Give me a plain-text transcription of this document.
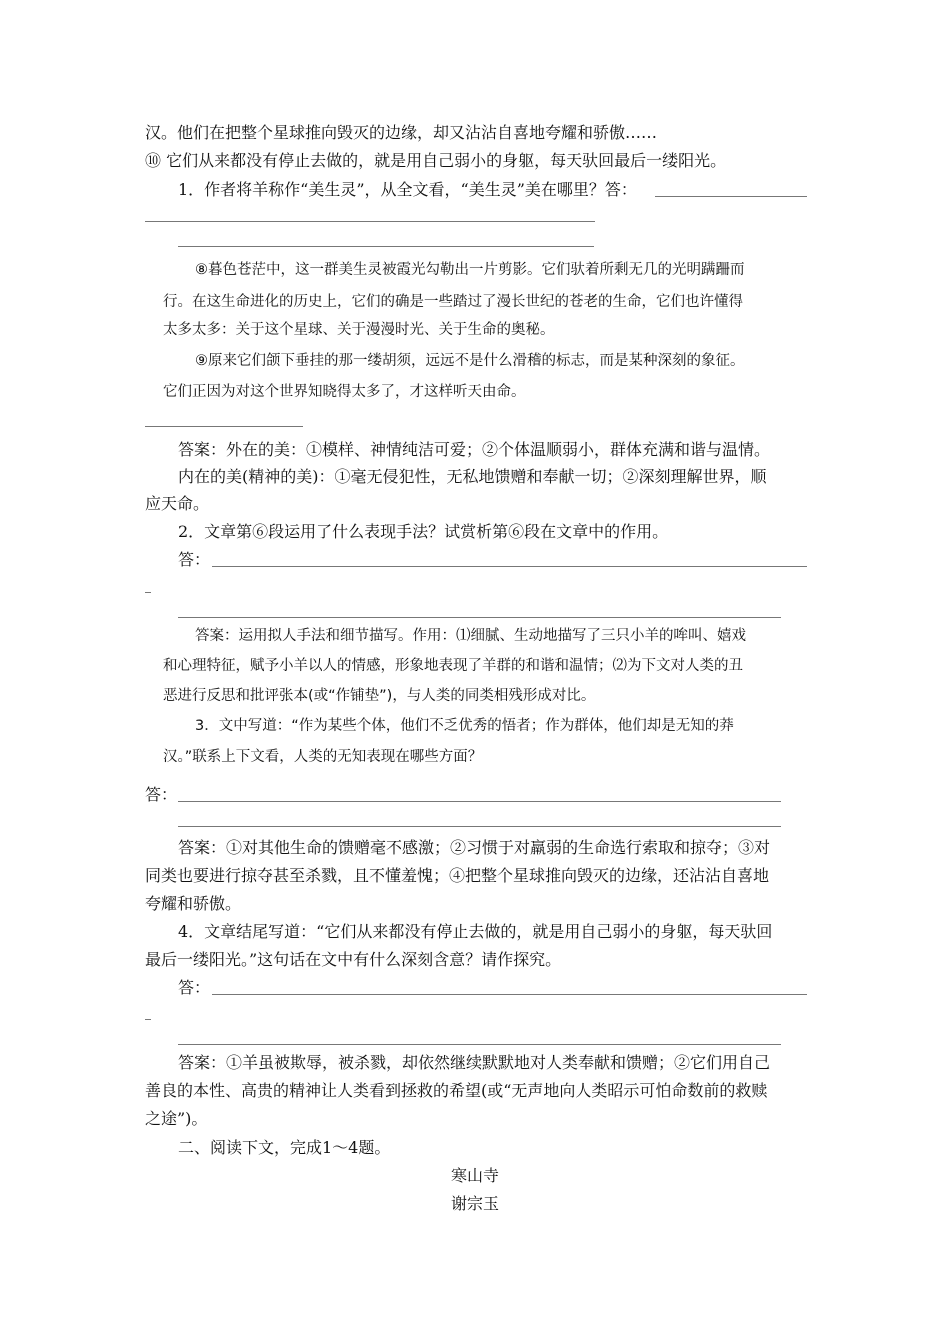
汉。他们在把整个星球推向毁灭的边缘，却又沾沾自喜地夸耀和骄傲……
⑩ 它们从来都没有停止去做的，就是用自己弱小的身躯，每天驮回最后一缕阳光。
1．作者将羊称作“美生灵”，从全文看，“美生灵”美在哪里？答：
⑧暮色苍茫中，这一群美生灵被霞光勾勒出一片剪影。它们驮着所剩无几的光明蹒跚而
行。在这生命进化的历史上，它们的确是一些踏过了漫长世纪的苍老的生命，它们也许懂得
太多太多：关于这个星球、关于漫漫时光、关于生命的奥秘。
⑨原来它们颌下垂挂的那一缕胡须，远远不是什么滑稽的标志，而是某种深刻的象征。
它们正因为对这个世界知晓得太多了，才这样听天由命。
答案：外在的美：①模样、神情纯洁可爱；②个体温顺弱小，群体充满和谐与温情。
内在的美(精神的美)：①毫无侵犯性，无私地馈赠和奉献一切；②深刻理解世界，顺
应天命。
2．文章第⑥段运用了什么表现手法？试赏析第⑥段在文章中的作用。
答：
答案：运用拟人手法和细节描写。作用：⑴细腻、生动地描写了三只小羊的哞叫、嬉戏
和心理特征，赋予小羊以人的情感，形象地表现了羊群的和谐和温情；⑵为下文对人类的丑
恶进行反思和批评张本(或“作铺垫”)，与人类的同类相残形成对比。
3．文中写道：“作为某些个体，他们不乏优秀的悟者；作为群体，他们却是无知的莽
汉。”联系上下文看，人类的无知表现在哪些方面？
答：
答案：①对其他生命的馈赠毫不感激；②习惯于对羸弱的生命选行索取和掠夺；③对
同类也要进行掠夺甚至杀戮，且不懂羞愧；④把整个星球推向毁灭的边缘，还沾沾自喜地
夸耀和骄傲。
4．文章结尾写道：“它们从来都没有停止去做的，就是用自己弱小的身躯，每天驮回
最后一缕阳光。”这句话在文中有什么深刻含意？请作探究。
答：
答案：①羊虽被欺辱，被杀戮，却依然继续默默地对人类奉献和馈赠；②它们用自己
善良的本性、高贵的精神让人类看到拯救的希望(或“无声地向人类昭示可怕命数前的救赎
之途”)。
二、阅读下文，完成1～4题。
寒山寺
谢宗玉
